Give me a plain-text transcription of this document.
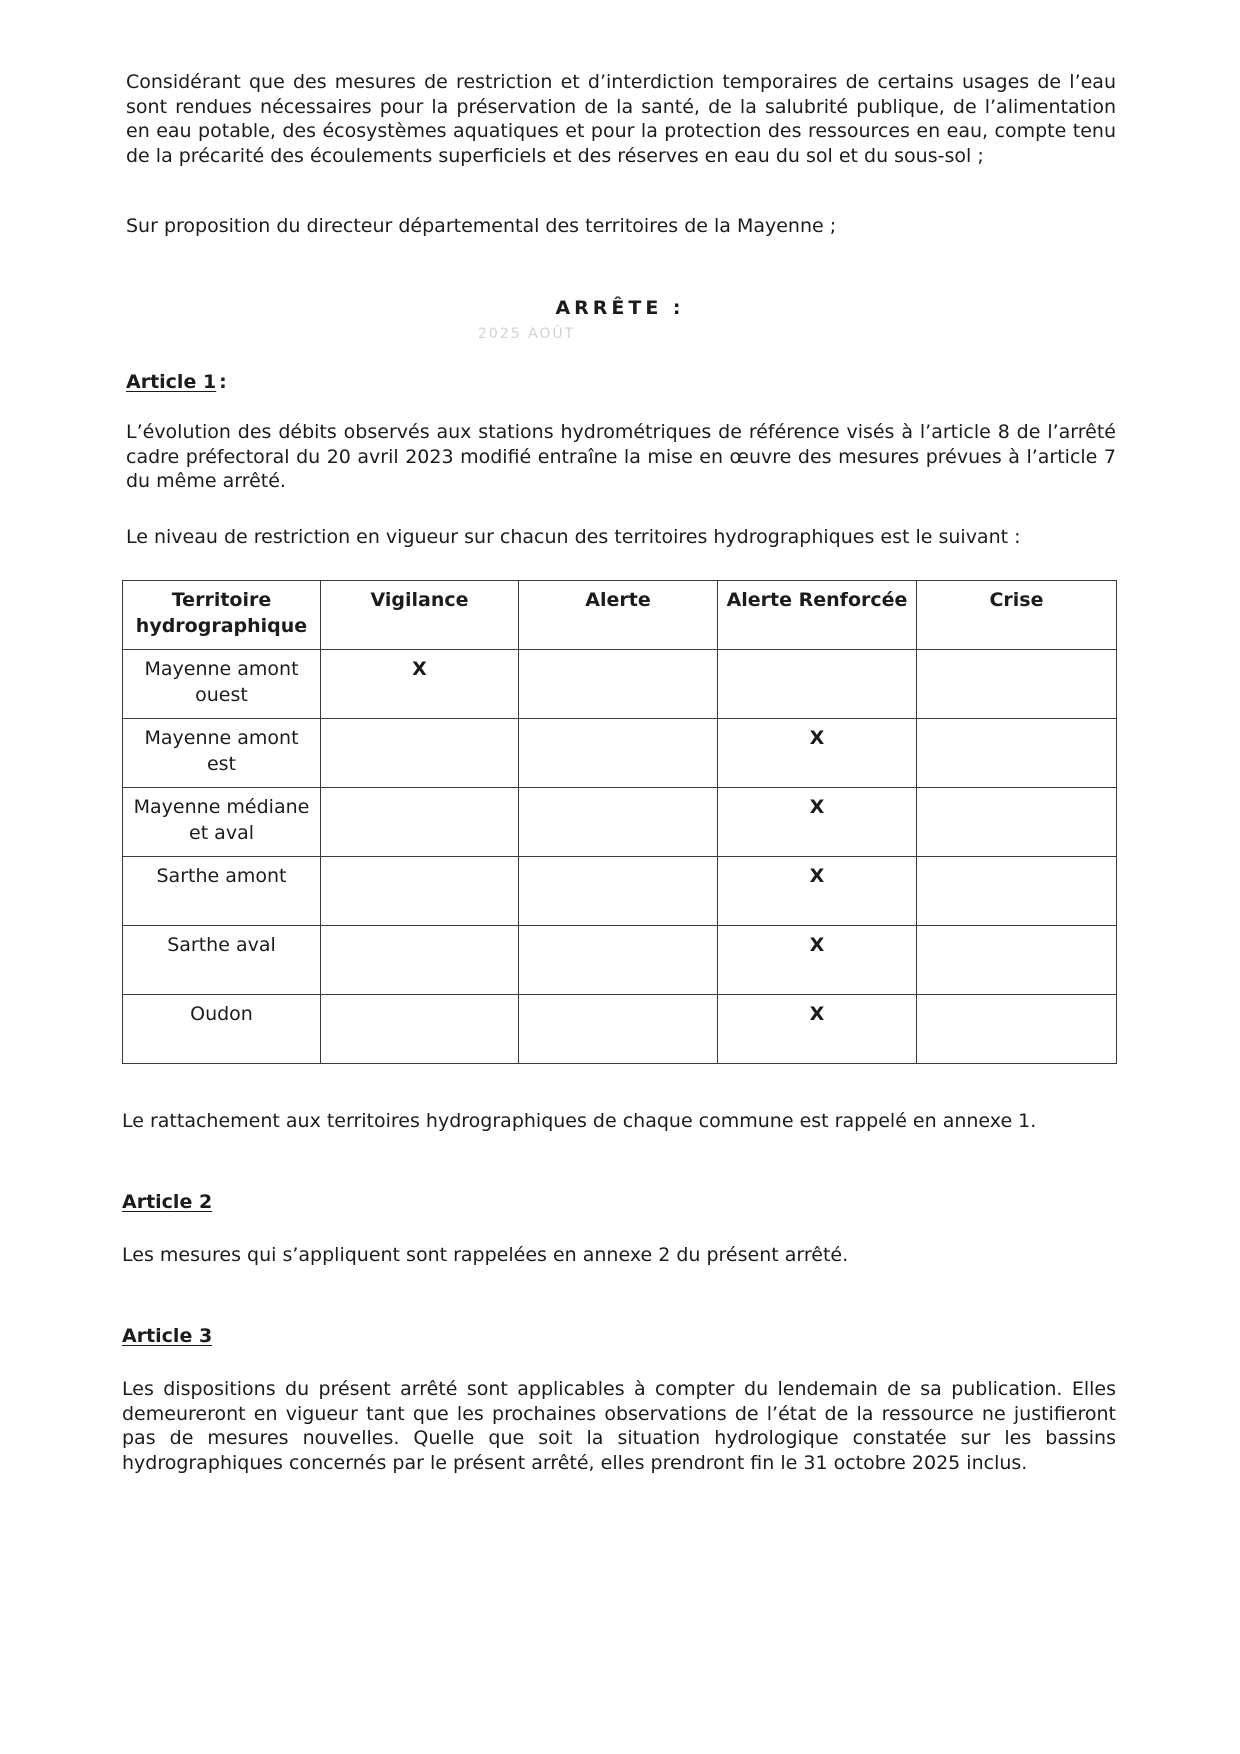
Considérant que des mesures de restriction et d’interdiction temporaires de certains usages de l’eau sont rendues nécessaires pour la préservation de la santé, de la salubrité publique, de l’alimentation en eau potable, des écosystèmes aquatiques et pour la protection des ressources en eau, compte tenu de la précarité des écoulements superficiels et des réserves en eau du sol et du sous-sol ;

Sur proposition du directeur départemental des territoires de la Mayenne ;

ARRÊTE :
2025 AOÛT

Article 1 :

L’évolution des débits observés aux stations hydrométriques de référence visés à l’article 8 de l’arrêté cadre préfectoral du 20 avril 2023 modifié entraîne la mise en œuvre des mesures prévues à l’article 7 du même arrêté.

Le niveau de restriction en vigueur sur chacun des territoires hydrographiques est le suivant :

Territoire hydrographique	Vigilance	Alerte	Alerte Renforcée	Crise
Mayenne amont ouest	X			
Mayenne amont est			X	
Mayenne médiane et aval			X	
Sarthe amont			X	
Sarthe aval			X	
Oudon			X	

Le rattachement aux territoires hydrographiques de chaque commune est rappelé en annexe 1.

Article 2

Les mesures qui s’appliquent sont rappelées en annexe 2 du présent arrêté.

Article 3

Les dispositions du présent arrêté sont applicables à compter du lendemain de sa publication. Elles demeureront en vigueur tant que les prochaines observations de l’état de la ressource ne justifieront pas de mesures nouvelles. Quelle que soit la situation hydrologique constatée sur les bassins hydrographiques concernés par le présent arrêté, elles prendront fin le 31 octobre 2025 inclus.
